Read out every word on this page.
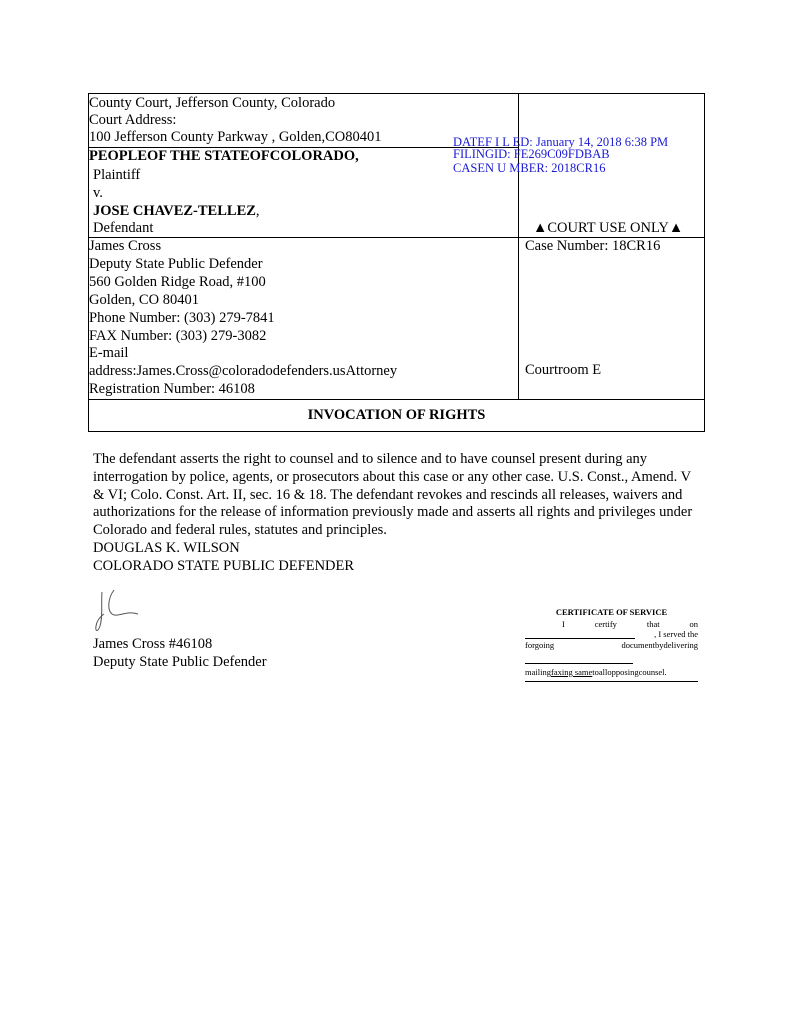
County Court, Jefferson County, Colorado
Court Address:
100 Jefferson County Parkway , Golden,CO80401
PEOPLEOF THE STATEOFCOLORADO,
Plaintiff
v.
JOSE CHAVEZ-TELLEZ,
Defendant	▲COURT USE ONLY▲
DATEF I L ED: January 14, 2018 6:38 PM
FILINGID: FE269C09FDBAB
CASEN U MBER: 2018CR16
James Cross
Deputy State Public Defender
560 Golden Ridge Road, #100
Golden, CO 80401
Phone Number: (303) 279-7841
FAX Number: (303) 279-3082
E-mail
address:James.Cross@coloradodefenders.usAttorney
Registration Number: 46108
Case Number: 18CR16
Courtroom E
INVOCATION OF RIGHTS
The defendant asserts the right to counsel and to silence and to have counsel present during any interrogation by police, agents, or prosecutors about this case or any other case. U.S. Const., Amend. V & VI; Colo. Const. Art. II, sec. 16 & 18. The defendant revokes and rescinds all releases, waivers and authorizations for the release of information previously made and asserts all rights and privileges under Colorado and federal rules, statutes and principles.
DOUGLAS K. WILSON
COLORADO STATE PUBLIC DEFENDER
James Cross #46108
Deputy State Public Defender
CERTIFICATE OF SERVICE
I	certify	that	on
, I served the
forgoing	documentbydelivering
mailingfaxing sametoallopposingcounsel.
